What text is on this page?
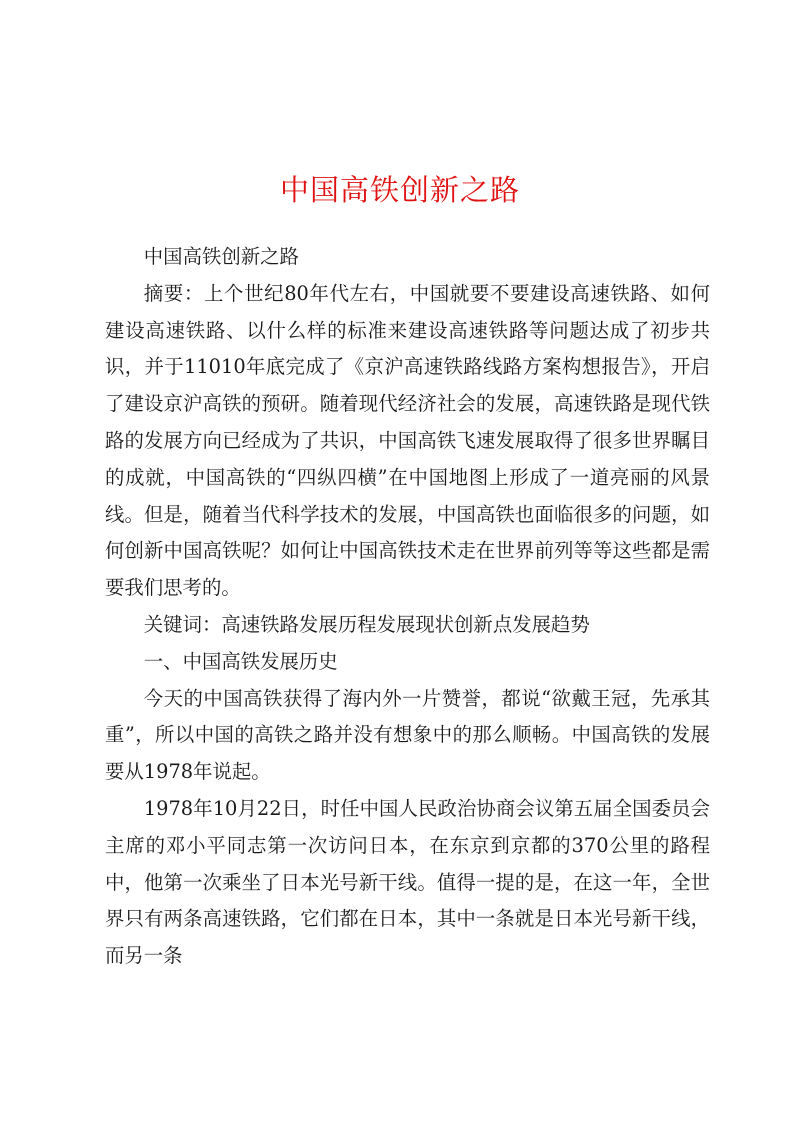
中国高铁创新之路

中国高铁创新之路

摘要：上个世纪80年代左右，中国就要不要建设高速铁路、如何建设高速铁路、以什么样的标准来建设高速铁路等问题达成了初步共识，并于11010年底完成了《京沪高速铁路线路方案构想报告》，开启了建设京沪高铁的预研。随着现代经济社会的发展，高速铁路是现代铁路的发展方向已经成为了共识，中国高铁飞速发展取得了很多世界瞩目的成就，中国高铁的“四纵四横”在中国地图上形成了一道亮丽的风景线。但是，随着当代科学技术的发展，中国高铁也面临很多的问题，如何创新中国高铁呢？如何让中国高铁技术走在世界前列等等这些都是需要我们思考的。

关键词：高速铁路发展历程发展现状创新点发展趋势

一、中国高铁发展历史

今天的中国高铁获得了海内外一片赞誉，都说“欲戴王冠，先承其重”，所以中国的高铁之路并没有想象中的那么顺畅。中国高铁的发展要从1978年说起。

1978年10月22日，时任中国人民政治协商会议第五届全国委员会主席的邓小平同志第一次访问日本，在东京到京都的370公里的路程中，他第一次乘坐了日本光号新干线。值得一提的是，在这一年，全世界只有两条高速铁路，它们都在日本，其中一条就是日本光号新干线，而另一条
